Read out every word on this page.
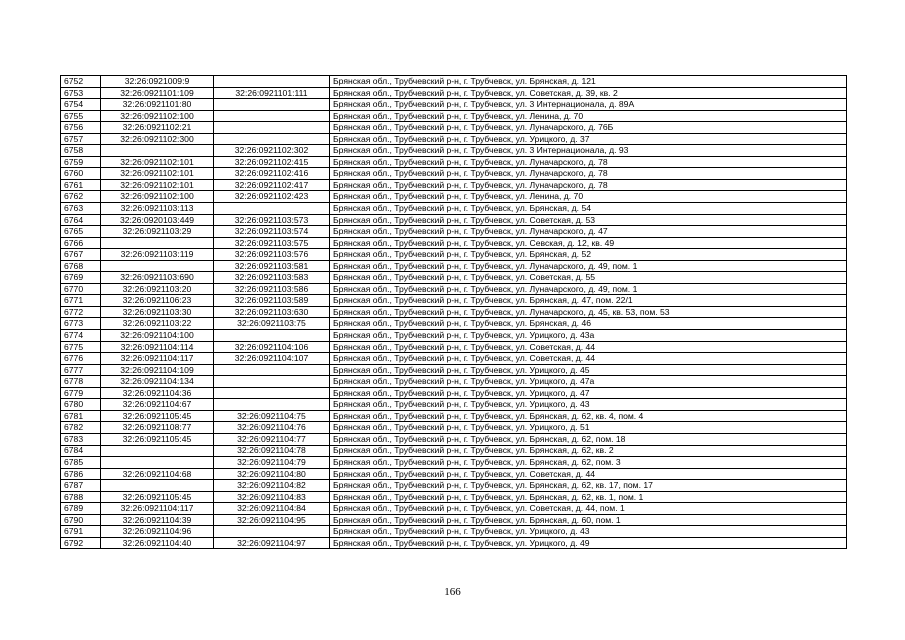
6752	32:26:0921009:9		Брянская обл., Трубчевский р-н, г. Трубчевск, ул. Брянская, д. 121
6753	32:26:0921101:109	32:26:0921101:111	Брянская обл., Трубчевский р-н, г. Трубчевск, ул. Советская, д. 39, кв. 2
6754	32:26:0921101:80		Брянская обл., Трубчевский р-н, г. Трубчевск, ул. 3 Интернационала, д. 89А
6755	32:26:0921102:100		Брянская обл., Трубчевский р-н, г. Трубчевск, ул. Ленина, д. 70
6756	32:26:0921102:21		Брянская обл., Трубчевский р-н, г. Трубчевск, ул. Луначарского, д. 76Б
6757	32:26:0921102:300		Брянская обл., Трубчевский р-н, г. Трубчевск, ул. Урицкого, д. 37
6758		32:26:0921102:302	Брянская обл., Трубчевский р-н, г. Трубчевск, ул. 3 Интернационала, д. 93
6759	32:26:0921102:101	32:26:0921102:415	Брянская обл., Трубчевский р-н, г. Трубчевск, ул. Луначарского, д. 78
6760	32:26:0921102:101	32:26:0921102:416	Брянская обл., Трубчевский р-н, г. Трубчевск, ул. Луначарского, д. 78
6761	32:26:0921102:101	32:26:0921102:417	Брянская обл., Трубчевский р-н, г. Трубчевск, ул. Луначарского, д. 78
6762	32:26:0921102:100	32:26:0921102:423	Брянская обл., Трубчевский р-н, г. Трубчевск, ул. Ленина, д. 70
6763	32:26:0921103:113		Брянская обл., Трубчевский р-н, г. Трубчевск, ул. Брянская, д. 54
6764	32:26:0920103:449	32:26:0921103:573	Брянская обл., Трубчевский р-н, г. Трубчевск, ул. Советская, д. 53
6765	32:26:0921103:29	32:26:0921103:574	Брянская обл., Трубчевский р-н, г. Трубчевск, ул. Луначарского, д. 47
6766		32:26:0921103:575	Брянская обл., Трубчевский р-н, г. Трубчевск, ул. Севская, д. 12, кв. 49
6767	32:26:0921103:119	32:26:0921103:576	Брянская обл., Трубчевский р-н, г. Трубчевск, ул. Брянская, д. 52
6768		32:26:0921103:581	Брянская обл., Трубчевский р-н, г. Трубчевск, ул. Луначарского, д. 49, пом. 1
6769	32:26:0921103:690	32:26:0921103:583	Брянская обл., Трубчевский р-н, г. Трубчевск, ул. Советская, д. 55
6770	32:26:0921103:20	32:26:0921103:586	Брянская обл., Трубчевский р-н, г. Трубчевск, ул. Луначарского, д. 49, пом. 1
6771	32:26:0921106:23	32:26:0921103:589	Брянская обл., Трубчевский р-н, г. Трубчевск, ул. Брянская, д. 47, пом. 22/1
6772	32:26:0921103:30	32:26:0921103:630	Брянская обл., Трубчевский р-н, г. Трубчевск, ул. Луначарского, д. 45, кв. 53, пом. 53
6773	32:26:0921103:22	32:26:0921103:75	Брянская обл., Трубчевский р-н, г. Трубчевск, ул. Брянская, д. 46
6774	32:26:0921104:100		Брянская обл., Трубчевский р-н, г. Трубчевск, ул. Урицкого, д. 43а
6775	32:26:0921104:114	32:26:0921104:106	Брянская обл., Трубчевский р-н, г. Трубчевск, ул. Советская, д. 44
6776	32:26:0921104:117	32:26:0921104:107	Брянская обл., Трубчевский р-н, г. Трубчевск, ул. Советская, д. 44
6777	32:26:0921104:109		Брянская обл., Трубчевский р-н, г. Трубчевск, ул. Урицкого, д. 45
6778	32:26:0921104:134		Брянская обл., Трубчевский р-н, г. Трубчевск, ул. Урицкого, д. 47а
6779	32:26:0921104:36		Брянская обл., Трубчевский р-н, г. Трубчевск, ул. Урицкого, д. 47
6780	32:26:0921104:67		Брянская обл., Трубчевский р-н, г. Трубчевск, ул. Урицкого, д. 43
6781	32:26:0921105:45	32:26:0921104:75	Брянская обл., Трубчевский р-н, г. Трубчевск, ул. Брянская, д. 62, кв. 4, пом. 4
6782	32:26:0921108:77	32:26:0921104:76	Брянская обл., Трубчевский р-н, г. Трубчевск, ул. Урицкого, д. 51
6783	32:26:0921105:45	32:26:0921104:77	Брянская обл., Трубчевский р-н, г. Трубчевск, ул. Брянская, д. 62, пом. 18
6784		32:26:0921104:78	Брянская обл., Трубчевский р-н, г. Трубчевск, ул. Брянская, д. 62, кв. 2
6785		32:26:0921104:79	Брянская обл., Трубчевский р-н, г. Трубчевск, ул. Брянская, д. 62, пом. 3
6786	32:26:0921104:68	32:26:0921104:80	Брянская обл., Трубчевский р-н, г. Трубчевск, ул. Советская, д. 44
6787		32:26:0921104:82	Брянская обл., Трубчевский р-н, г. Трубчевск, ул. Брянская, д. 62, кв. 17, пом. 17
6788	32:26:0921105:45	32:26:0921104:83	Брянская обл., Трубчевский р-н, г. Трубчевск, ул. Брянская, д. 62, кв. 1, пом. 1
6789	32:26:0921104:117	32:26:0921104:84	Брянская обл., Трубчевский р-н, г. Трубчевск, ул. Советская, д. 44, пом. 1
6790	32:26:0921104:39	32:26:0921104:95	Брянская обл., Трубчевский р-н, г. Трубчевск, ул. Брянская, д. 60, пом. 1
6791	32:26:0921104:96		Брянская обл., Трубчевский р-н, г. Трубчевск, ул. Урицкого, д. 43
6792	32:26:0921104:40	32:26:0921104:97	Брянская обл., Трубчевский р-н, г. Трубчевск, ул. Урицкого, д. 49
166
